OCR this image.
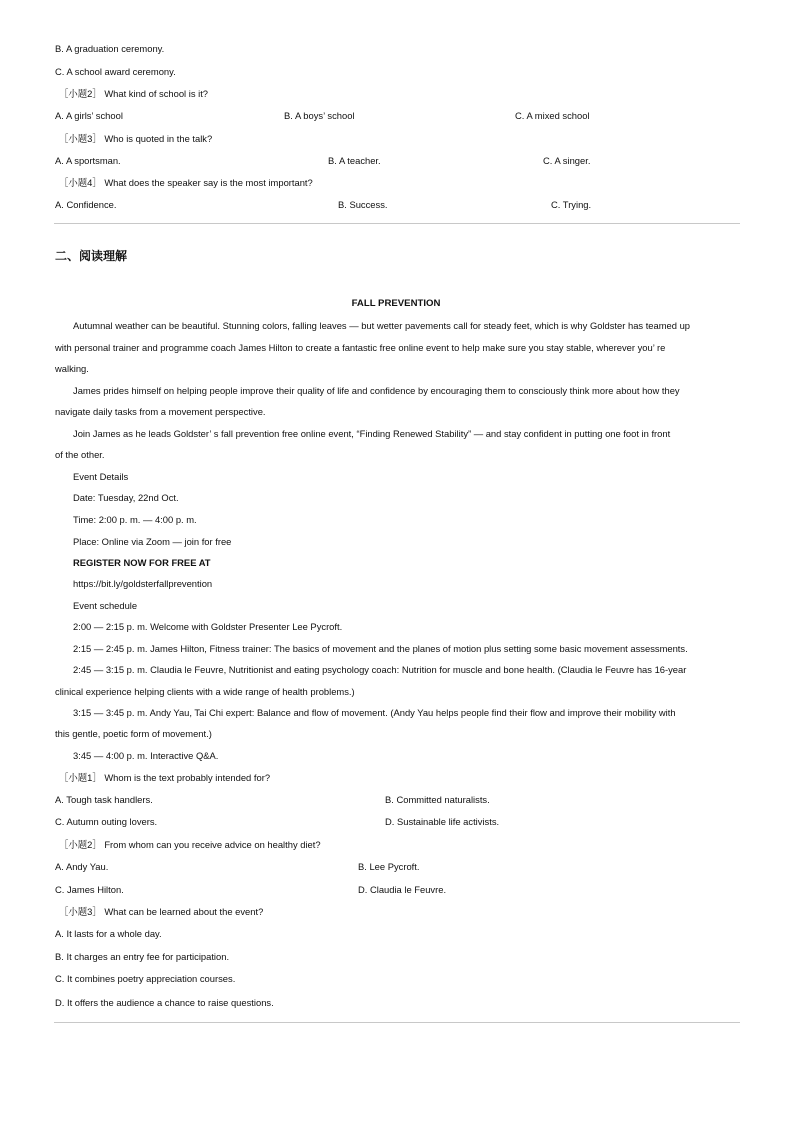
B. A graduation ceremony.
C. A school award ceremony.
［小题2］ What kind of school is it?
A. A girls’ school	B. A boys’ school	C. A mixed school
［小题3］ Who is quoted in the talk?
A. A sportsman.	B. A teacher.	C. A singer.
［小题4］ What does the speaker say is the most important?
A. Confidence.	B. Success.	C. Trying.
二、阅读理解
FALL PREVENTION
Autumnal weather can be beautiful. Stunning colors, falling leaves — but wetter pavements call for steady feet, which is why Goldster has teamed up
with personal trainer and programme coach James Hilton to create a fantastic free online event to help make sure you stay stable, wherever you’ re
walking.
James prides himself on helping people improve their quality of life and confidence by encouraging them to consciously think more about how they
navigate daily tasks from a movement perspective.
Join James as he leads Goldster’ s fall prevention free online event, “Finding Renewed Stability” — and stay confident in putting one foot in front
of the other.
Event Details
Date: Tuesday, 22nd Oct.
Time: 2:00 p. m. — 4:00 p. m.
Place: Online via Zoom — join for free
REGISTER NOW FOR FREE AT
https://bit.ly/goldsterfallprevention
Event schedule
2:00 — 2:15 p. m. Welcome with Goldster Presenter Lee Pycroft.
2:15 — 2:45 p. m. James Hilton, Fitness trainer: The basics of movement and the planes of motion plus setting some basic movement assessments.
2:45 — 3:15 p. m. Claudia le Feuvre, Nutritionist and eating psychology coach: Nutrition for muscle and bone health. (Claudia le Feuvre has 16-year
clinical experience helping clients with a wide range of health problems.)
3:15 — 3:45 p. m. Andy Yau, Tai Chi expert: Balance and flow of movement. (Andy Yau helps people find their flow and improve their mobility with
this gentle, poetic form of movement.)
3:45 — 4:00 p. m. Interactive Q&A.
［小题1］ Whom is the text probably intended for?
A. Tough task handlers.	B. Committed naturalists.
C. Autumn outing lovers.	D. Sustainable life activists.
［小题2］ From whom can you receive advice on healthy diet?
A. Andy Yau.	B. Lee Pycroft.
C. James Hilton.	D. Claudia le Feuvre.
［小题3］ What can be learned about the event?
A. It lasts for a whole day.
B. It charges an entry fee for participation.
C. It combines poetry appreciation courses.
D. It offers the audience a chance to raise questions.
